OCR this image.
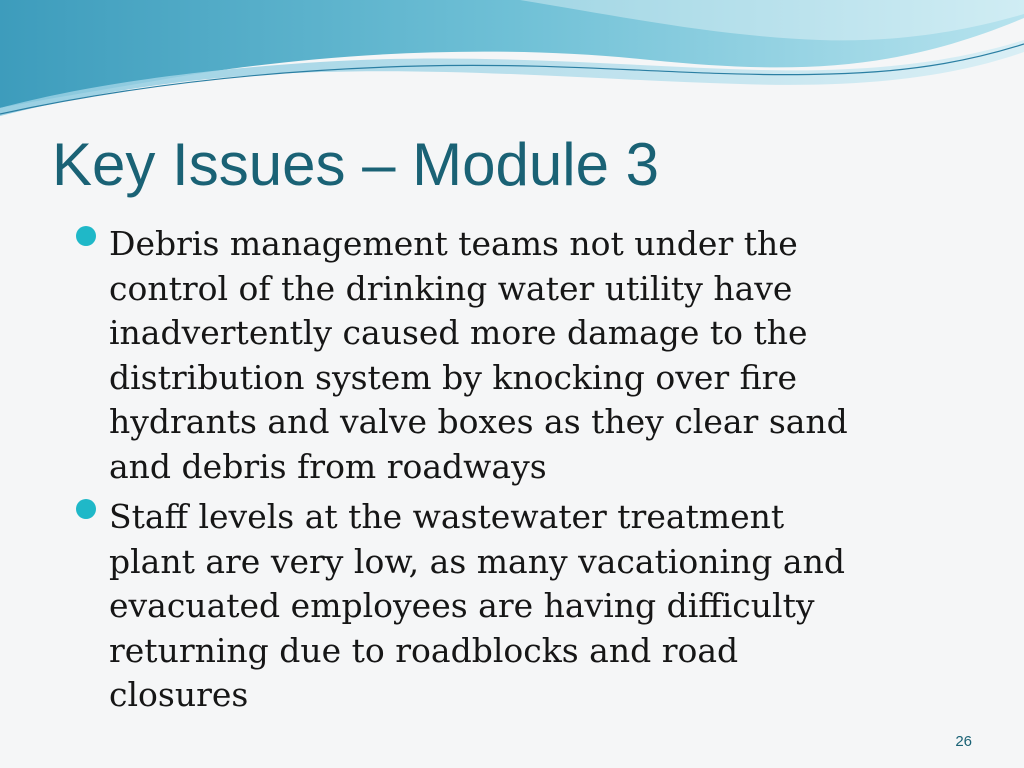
Key Issues – Module 3
Debris management teams not under the control of the drinking water utility have inadvertently caused more damage to the distribution system by knocking over fire hydrants and valve boxes as they clear sand and debris from roadways
Staff levels at the wastewater treatment plant are very low, as many vacationing and evacuated employees are having difficulty returning due to roadblocks and road closures
26
